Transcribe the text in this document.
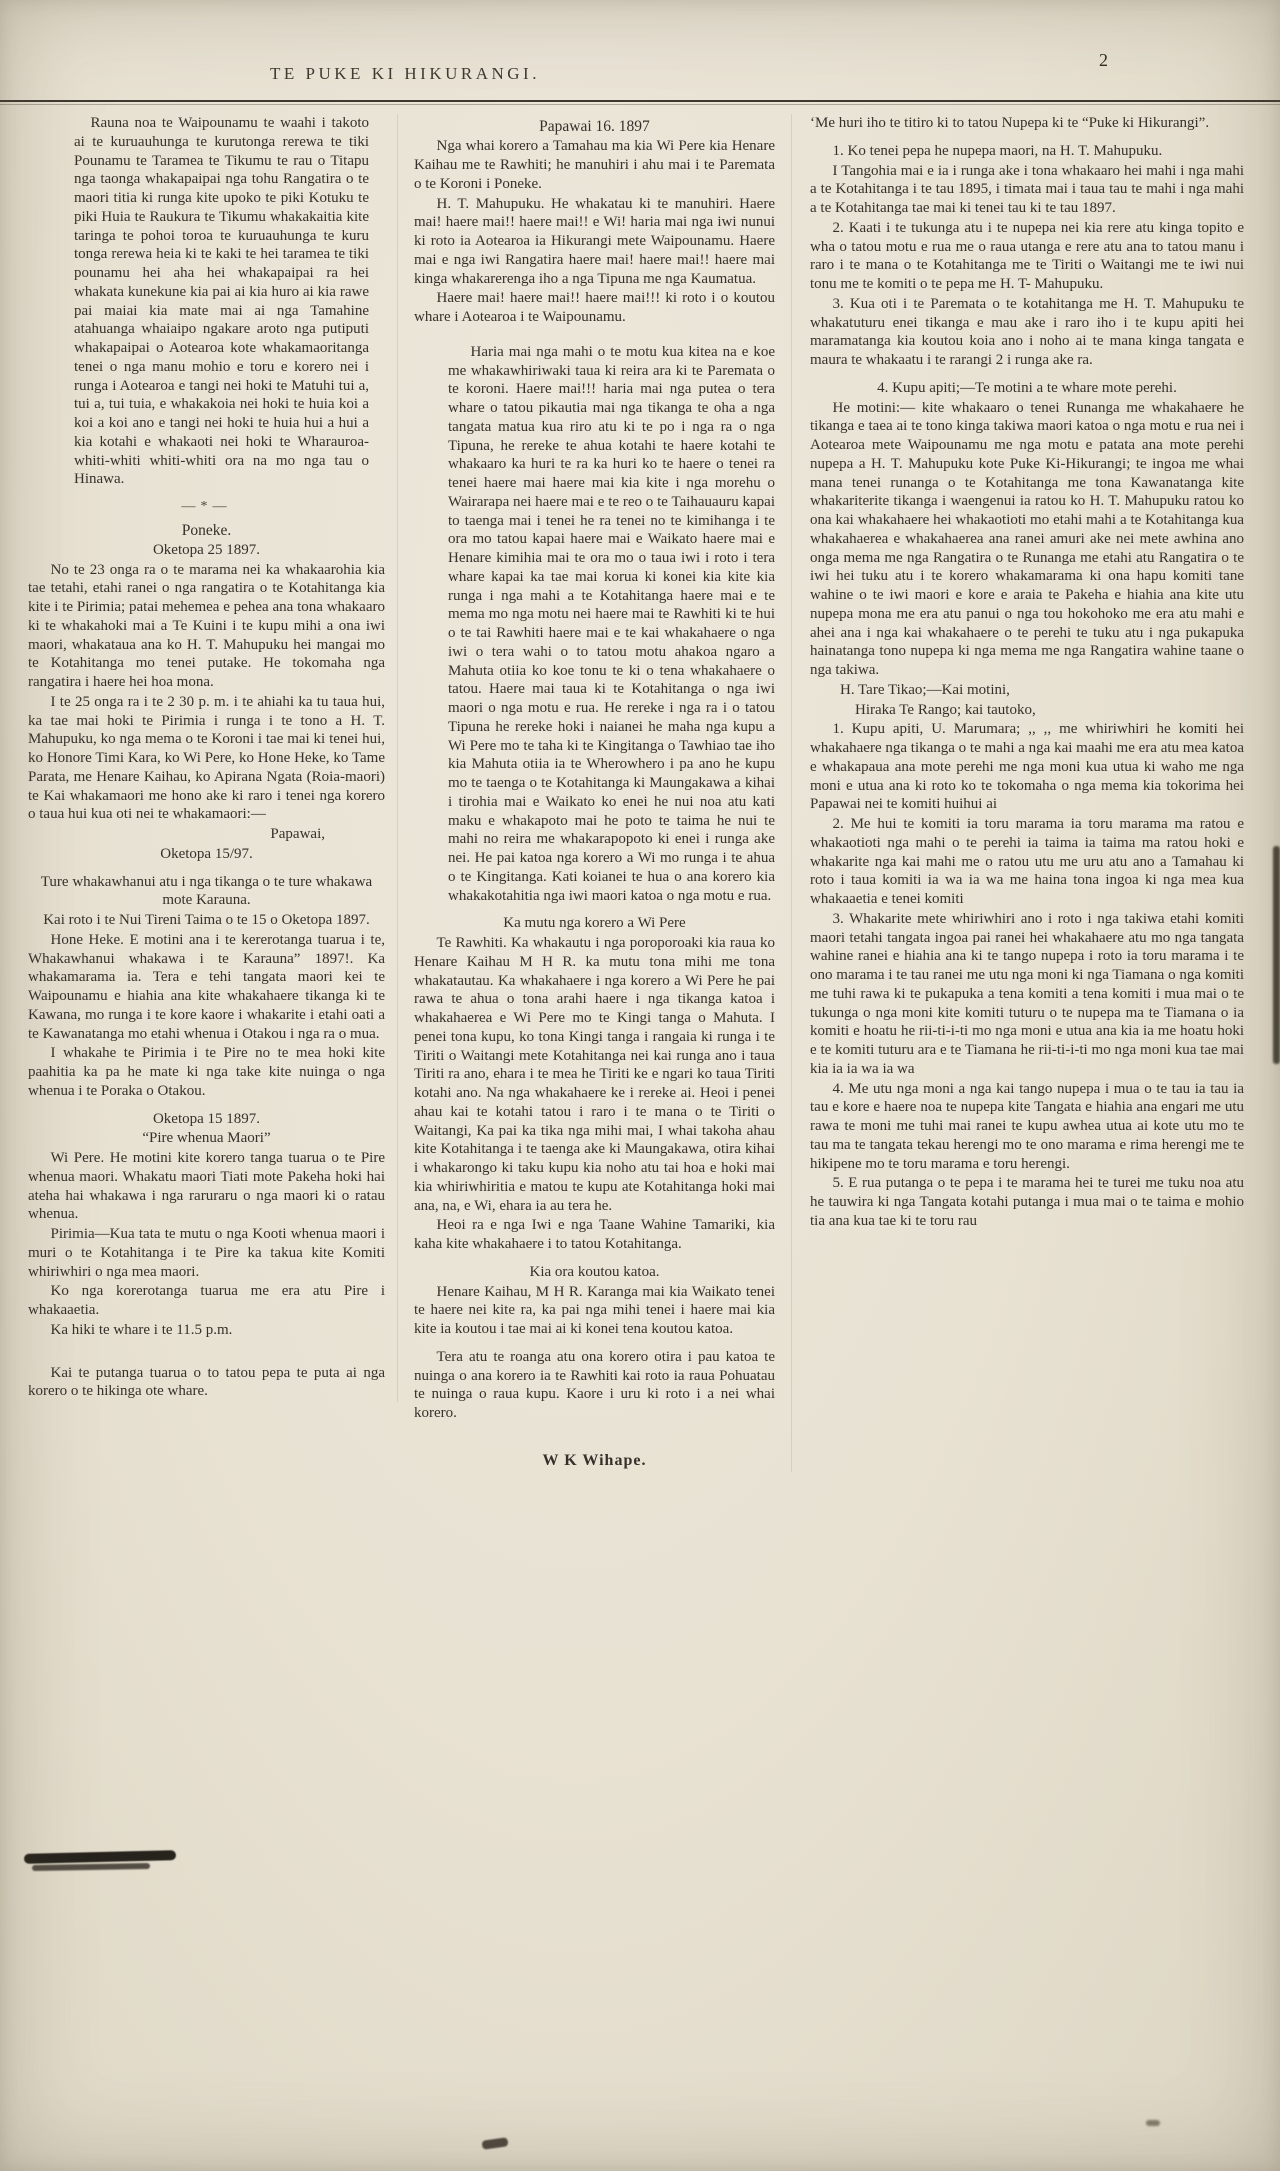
TE PUKE KI HIKURANGI.
2

Rauna noa te Waipounamu te waahi i takoto ai te kuruauhunga te kurutonga rerewa te tiki Pounamu te Taramea te Tikumu te rau o Titapu nga taonga whakapaipai nga tohu Rangatira o te maori titia ki runga kite upoko te piki Kotuku te piki Huia te Raukura te Tikumu whakakaitia kite taringa te pohoi toroa te kuruauhunga te kuru tonga rerewa heia ki te kaki te hei taramea te tiki pounamu hei aha hei whakapaipai ra hei whakata kunekune kia pai ai kia huro ai kia rawe pai maiai kia mate mai ai nga Tamahine atahuanga whaiaipo ngakare aroto nga putiputi whakapaipai o Aotearoa kote whakamaoritanga tenei o nga manu mohio e toru e korero nei i runga i Aotearoa e tangi nei hoki te Matuhi tui a, tui a, tui tuia, e whakakoia nei hoki te huia koi a koi a koi ano e tangi nei hoki te huia hui a hui a kia kotahi e whakaoti nei hoki te Wharauroa-whiti-whiti whiti-whiti ora na mo nga tau o Hinawa.

—*—

Poneke.

Oketopa 25 1897.

No te 23 onga ra o te marama nei ka whakaarohia kia tae tetahi, etahi ranei o nga rangatira o te Kotahitanga kia kite i te Pirimia; patai mehemea e pehea ana tona whakaaro ki te whakahoki mai a Te Kuini i te kupu mihi a ona iwi maori, whakataua ana ko H. T. Mahupuku hei mangai mo te Kotahitanga mo tenei putake. He tokomaha nga rangatira i haere hei hoa mona.

I te 25 onga ra i te 2 30 p. m. i te ahiahi ka tu taua hui, ka tae mai hoki te Pirimia i runga i te tono a H. T. Mahupuku, ko nga mema o te Koroni i tae mai ki tenei hui, ko Honore Timi Kara, ko Wi Pere, ko Hone Heke, ko Tame Parata, me Henare Kaihau, ko Apirana Ngata (Roia-maori) te Kai whakamaori me hono ake ki raro i tenei nga korero o taua hui kua oti nei te whakamaori:—

Papawai,

Oketopa 15/97.

Ture whakawhanui atu i nga tikanga o te ture whakawa mote Karauna.

Kai roto i te Nui Tireni Taima o te 15 o Oketopa 1897.

Hone Heke. E motini ana i te kererotanga tuarua i te, Whakawhanui whakawa i te Karauna” 1897!. Ka whakamarama ia. Tera e tehi tangata maori kei te Waipounamu e hiahia ana kite whakahaere tikanga ki te Kawana, mo runga i te kore kaore i whakarite i etahi oati a te Kawanatanga mo etahi whenua i Otakou i nga ra o mua.

I whakahe te Pirimia i te Pire no te mea hoki kite paahitia ka pa he mate ki nga take kite nuinga o nga whenua i te Poraka o Otakou.

Oketopa 15 1897.

“Pire whenua Maori”

Wi Pere. He motini kite korero tanga tuarua o te Pire whenua maori. Whakatu maori Tiati mote Pakeha hoki hai ateha hai whakawa i nga raruraru o nga maori ki o ratau whenua.

Pirimia—Kua tata te mutu o nga Kooti whenua maori i muri o te Kotahitanga i te Pire ka takua kite Komiti whiriwhiri o nga mea maori.

Ko nga korerotanga tuarua me era atu Pire i whakaaetia.

Ka hiki te whare i te 11.5 p.m.

Kai te putanga tuarua o to tatou pepa te puta ai nga korero o te hikinga ote whare.

Papawai 16. 1897

Nga whai korero a Tamahau ma kia Wi Pere kia Henare Kaihau me te Rawhiti; he manuhiri i ahu mai i te Paremata o te Koroni i Poneke.

H. T. Mahupuku. He whakatau ki te manuhiri. Haere mai! haere mai!! haere mai!! e Wi! haria mai nga iwi nunui ki roto ia Aotearoa ia Hikurangi mete Waipounamu. Haere mai e nga iwi Rangatira haere mai! haere mai!! haere mai kinga whakarerenga iho a nga Tipuna me nga Kaumatua.

Haere mai! haere mai!! haere mai!!! ki roto i o koutou whare i Aotearoa i te Waipounamu.

Haria mai nga mahi o te motu kua kitea na e koe me whakawhiriwaki taua ki reira ara ki te Paremata o te koroni. Haere mai!!! haria mai nga putea o tera whare o tatou pikautia mai nga tikanga te oha a nga tangata matua kua riro atu ki te po i nga ra o nga Tipuna, he rereke te ahua kotahi te haere kotahi te whakaaro ka huri te ra ka huri ko te haere o tenei ra tenei haere mai haere mai kia kite i nga morehu o Wairarapa nei haere mai e te reo o te Taihauauru kapai to taenga mai i tenei he ra tenei no te kimihanga i te ora mo tatou kapai haere mai e Waikato haere mai e Henare kimihia mai te ora mo o taua iwi i roto i tera whare kapai ka tae mai korua ki konei kia kite kia runga i nga mahi a te Kotahitanga haere mai e te mema mo nga motu nei haere mai te Rawhiti ki te hui o te tai Rawhiti haere mai e te kai whakahaere o nga iwi o tera wahi o to tatou motu ahakoa ngaro a Mahuta otiia ko koe tonu te ki o tena whakahaere o tatou. Haere mai taua ki te Kotahitanga o nga iwi maori o nga motu e rua. He rereke i nga ra i o tatou Tipuna he rereke hoki i naianei he maha nga kupu a Wi Pere mo te taha ki te Kingitanga o Tawhiao tae iho kia Mahuta otiia ia te Wherowhero i pa ano he kupu mo te taenga o te Kotahitanga ki Maungakawa a kihai i tirohia mai e Waikato ko enei he nui noa atu kati maku e whakapoto mai he poto te taima he nui te mahi no reira me whakarapopoto ki enei i runga ake nei. He pai katoa nga korero a Wi mo runga i te ahua o te Kingitanga. Kati koianei te hua o ana korero kia whakakotahitia nga iwi maori katoa o nga motu e rua.

Ka mutu nga korero a Wi Pere

Te Rawhiti. Ka whakautu i nga poroporoaki kia raua ko Henare Kaihau M H R. ka mutu tona mihi me tona whakatautau. Ka whakahaere i nga korero a Wi Pere he pai rawa te ahua o tona arahi haere i nga tikanga katoa i whakahaerea e Wi Pere mo te Kingi tanga o Mahuta. I penei tona kupu, ko tona Kingi tanga i rangaia ki runga i te Tiriti o Waitangi mete Kotahitanga nei kai runga ano i taua Tiriti ra ano, ehara i te mea he Tiriti ke e ngari ko taua Tiriti kotahi ano. Na nga whakahaere ke i rereke ai. Heoi i penei ahau kai te kotahi tatou i raro i te mana o te Tiriti o Waitangi, Ka pai ka tika nga mihi mai, I whai takoha ahau kite Kotahitanga i te taenga ake ki Maungakawa, otira kihai i whakarongo ki taku kupu kia noho atu tai hoa e hoki mai kia whiriwhiritia e matou te kupu ate Kotahitanga hoki mai ana, na, e Wi, ehara ia au tera he.

Heoi ra e nga Iwi e nga Taane Wahine Tamariki, kia kaha kite whakahaere i to tatou Kotahitanga.

Kia ora koutou katoa.

Henare Kaihau, M H R. Karanga mai kia Waikato tenei te haere nei kite ra, ka pai nga mihi tenei i haere mai kia kite ia koutou i tae mai ai ki konei tena koutou katoa.

Tera atu te roanga atu ona korero otira i pau katoa te nuinga o ana korero ia te Rawhiti kai roto ia raua Pohuatau te nuinga o raua kupu. Kaore i uru ki roto i a nei whai korero.

W K Wihape.

‘Me huri iho te titiro ki to tatou Nupepa ki te “Puke ki Hikurangi”.

1. Ko tenei pepa he nupepa maori, na H. T. Mahupuku.

I Tangohia mai e ia i runga ake i tona whakaaro hei mahi i nga mahi a te Kotahitanga i te tau 1895, i timata mai i taua tau te mahi i nga mahi a te Kotahitanga tae mai ki tenei tau ki te tau 1897.

2. Kaati i te tukunga atu i te nupepa nei kia rere atu kinga topito e wha o tatou motu e rua me o raua utanga e rere atu ana to tatou manu i raro i te mana o te Kotahitanga me te Tiriti o Waitangi me te iwi nui tonu me te komiti o te pepa me H. T- Mahupuku.

3. Kua oti i te Paremata o te kotahitanga me H. T. Mahupuku te whakatuturu enei tikanga e mau ake i raro iho i te kupu apiti hei maramatanga kia koutou koia ano i noho ai te mana kinga tangata e maura te whakaatu i te rarangi 2 i runga ake ra.

4. Kupu apiti;—Te motini a te whare mote perehi.

He motini:— kite whakaaro o tenei Runanga me whakahaere he tikanga e taea ai te tono kinga takiwa maori katoa o nga motu e rua nei i Aotearoa mete Waipounamu me nga motu e patata ana mote perehi nupepa a H. T. Mahupuku kote Puke Ki-Hikurangi; te ingoa me whai mana tenei runanga o te Kotahitanga me tona Kawanatanga kite whakariterite tikanga i waengenui ia ratou ko H. T. Mahupuku ratou ko ona kai whakahaere hei whakaotioti mo etahi mahi a te Kotahitanga kua whakahaerea e whakahaerea ana ranei amuri ake nei mete awhina ano onga mema me nga Rangatira o te Runanga me etahi atu Rangatira o te iwi hei tuku atu i te korero whakamarama ki ona hapu komiti tane wahine o te iwi maori e kore e araia te Pakeha e hiahia ana kite utu nupepa mona me era atu panui o nga tou hokohoko me era atu mahi e ahei ana i nga kai whakahaere o te perehi te tuku atu i nga pukapuka hainatanga tono nupepa ki nga mema me nga Rangatira wahine taane o nga takiwa.

H. Tare Tikao;—Kai motini,

Hiraka Te Rango; kai tautoko,

1. Kupu apiti, U. Marumara; ,, ,, me whiriwhiri he komiti hei whakahaere nga tikanga o te mahi a nga kai maahi me era atu mea katoa e whakapaua ana mote perehi me nga moni kua utua ki waho me nga moni e utua ana ki roto ko te tokomaha o nga mema kia tokorima hei Papawai nei te komiti huihui ai

2. Me hui te komiti ia toru marama ia toru marama ma ratou e whakaotioti nga mahi o te perehi ia taima ia taima ma ratou hoki e whakarite nga kai mahi me o ratou utu me uru atu ano a Tamahau ki roto i taua komiti ia wa ia wa me haina tona ingoa ki nga mea kua whakaaetia e tenei komiti

3. Whakarite mete whiriwhiri ano i roto i nga takiwa etahi komiti maori tetahi tangata ingoa pai ranei hei whakahaere atu mo nga tangata wahine ranei e hiahia ana ki te tango nupepa i roto ia toru marama i te ono marama i te tau ranei me utu nga moni ki nga Tiamana o nga komiti me tuhi rawa ki te pukapuka a tena komiti a tena komiti i mua mai o te tukunga o nga moni kite komiti tuturu o te nupepa ma te Tiamana o ia komiti e hoatu he rii-ti-i-ti mo nga moni e utua ana kia ia me hoatu hoki e te komiti tuturu ara e te Tiamana he rii-ti-i-ti mo nga moni kua tae mai kia ia ia wa ia wa

4. Me utu nga moni a nga kai tango nupepa i mua o te tau ia tau ia tau e kore e haere noa te nupepa kite Tangata e hiahia ana engari me utu rawa te moni me tuhi mai ranei te kupu awhea utua ai kote utu mo te tau ma te tangata tekau herengi mo te ono marama e rima herengi me te hikipene mo te toru marama e toru herengi.

5. E rua putanga o te pepa i te marama hei te turei me tuku noa atu he tauwira ki nga Tangata kotahi putanga i mua mai o te taima e mohio tia ana kua tae ki te toru rau
